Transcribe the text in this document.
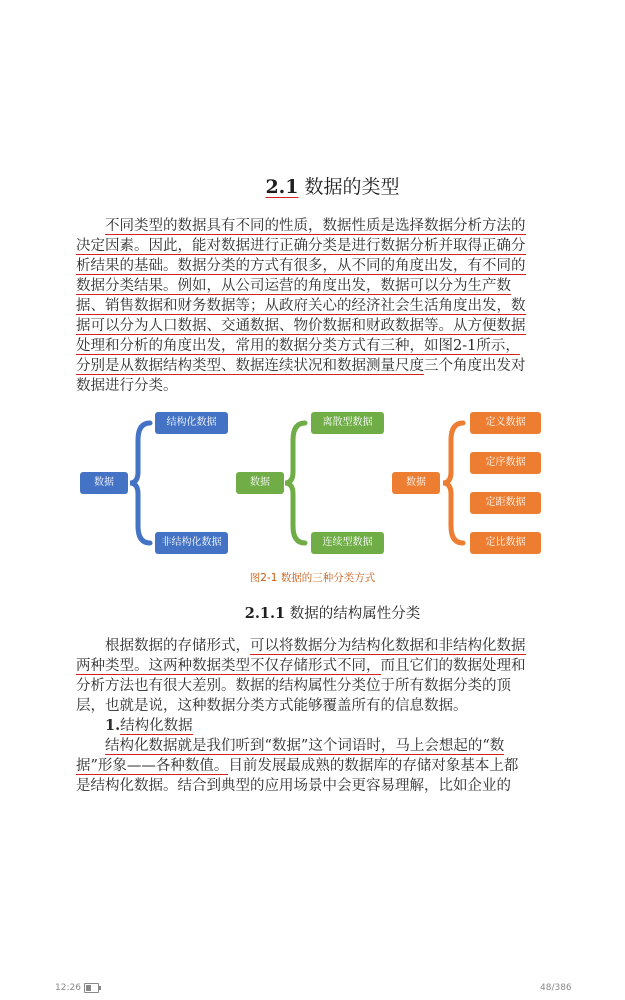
2.1 数据的类型
不同类型的数据具有不同的性质，数据性质是选择数据分析方法的
决定因素。因此，能对数据进行正确分类是进行数据分析并取得正确分
析结果的基础。数据分类的方式有很多，从不同的角度出发，有不同的
数据分类结果。例如，从公司运营的角度出发，数据可以分为生产数
据、销售数据和财务数据等；从政府关心的经济社会生活角度出发，数
据可以分为人口数据、交通数据、物价数据和财政数据等。从方便数据
处理和分析的角度出发，常用的数据分类方式有三种，如图2-1所示，
分别是从数据结构类型、数据连续状况和数据测量尺度三个角度出发对
数据进行分类。
数据
结构化数据
非结构化数据
数据
离散型数据
连续型数据
数据
定义数据
定序数据
定距数据
定比数据
图2-1 数据的三种分类方式
2.1.1 数据的结构属性分类
根据数据的存储形式，可以将数据分为结构化数据和非结构化数据
两种类型。这两种数据类型不仅存储形式不同，而且它们的数据处理和
分析方法也有很大差别。数据的结构属性分类位于所有数据分类的顶
层，也就是说，这种数据分类方式能够覆盖所有的信息数据。
1.结构化数据
结构化数据就是我们听到“数据”这个词语时，马上会想起的“数
据”形象——各种数值。目前发展最成熟的数据库的存储对象基本上都
是结构化数据。结合到典型的应用场景中会更容易理解，比如企业的
12:26	48/386
